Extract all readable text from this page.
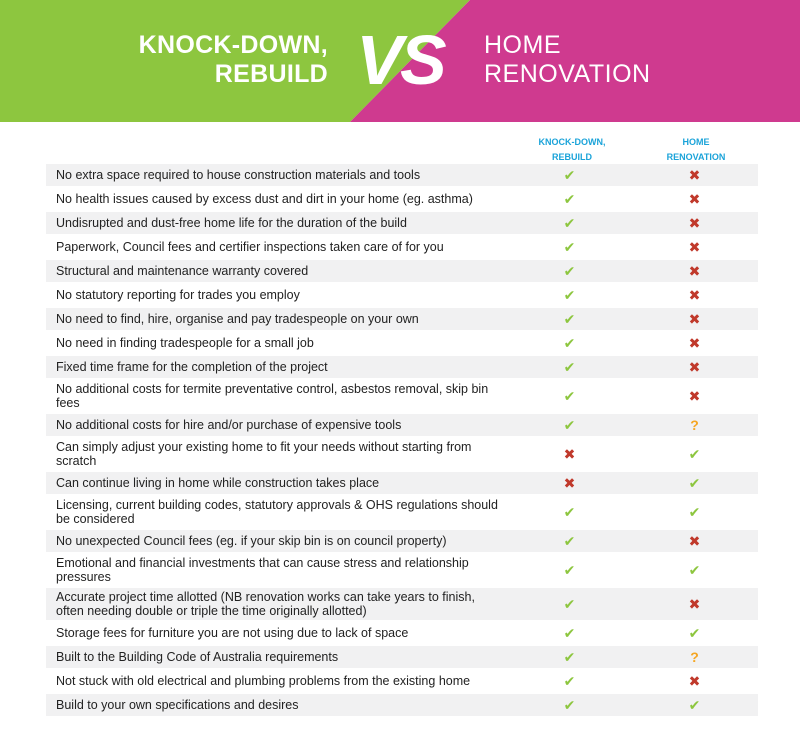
KNOCK-DOWN,
REBUILD VS	HOME
RENOVATION
KNOCK-DOWN,
REBUILD
HOME
RENOVATION
No extra space required to house construction materials and tools	✔	✖
No health issues caused by excess dust and dirt in your home (eg. asthma)	✔	✖
Undisrupted and dust-free home life for the duration of the build	✔	✖
Paperwork, Council fees and certifier inspections taken care of for you	✔	✖
Structural and maintenance warranty covered	✔	✖
No statutory reporting for trades you employ	✔	✖
No need to find, hire, organise and pay tradespeople on your own	✔	✖
No need in finding tradespeople for a small job	✔	✖
Fixed time frame for the completion of the project	✔	✖
No additional costs for termite preventative control, asbestos removal, skip bin fees	✔	✖
No additional costs for hire and/or purchase of expensive tools	✔	?
Can simply adjust your existing home to fit your needs without starting from scratch	✖	✔
Can continue living in home while construction takes place	✖	✔
Licensing, current building codes, statutory approvals & OHS regulations should be considered	✔	✔
No unexpected Council fees (eg. if your skip bin is on council property)	✔	✖
Emotional and financial investments that can cause stress and relationship pressures	✔	✔
Accurate project time allotted (NB renovation works can take years to finish, often needing double or triple the time originally allotted)	✔	✖
Storage fees for furniture you are not using due to lack of space	✔	✔
Built to the Building Code of Australia requirements	✔	?
Not stuck with old electrical and plumbing problems from the existing home	✔	✖
Build to your own specifications and desires	✔	✔
